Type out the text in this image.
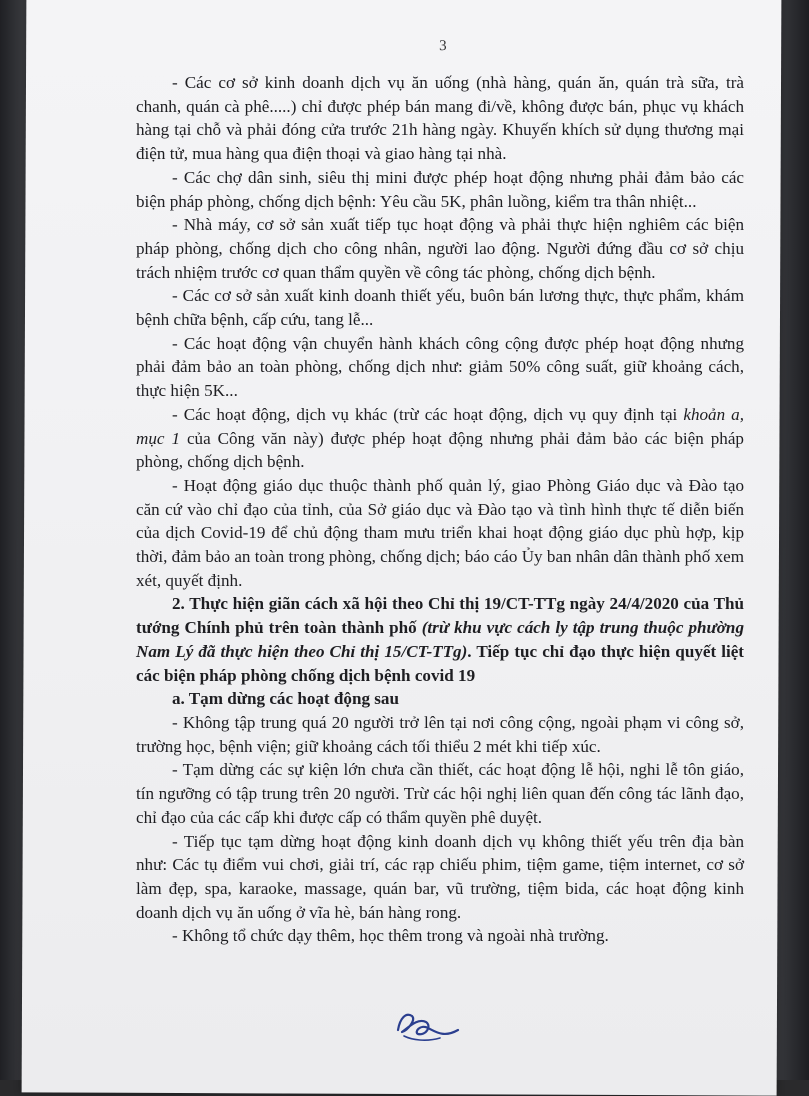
3

- Các cơ sở kinh doanh dịch vụ ăn uống (nhà hàng, quán ăn, quán trà sữa, trà chanh, quán cà phê.....) chỉ được phép bán mang đi/về, không được bán, phục vụ khách hàng tại chỗ và phải đóng cửa trước 21h hàng ngày. Khuyến khích sử dụng thương mại điện tử, mua hàng qua điện thoại và giao hàng tại nhà.

- Các chợ dân sinh, siêu thị mini được phép hoạt động nhưng phải đảm bảo các biện pháp phòng, chống dịch bệnh: Yêu cầu 5K, phân luồng, kiểm tra thân nhiệt...

- Nhà máy, cơ sở sản xuất tiếp tục hoạt động và phải thực hiện nghiêm các biện pháp phòng, chống dịch cho công nhân, người lao động. Người đứng đầu cơ sở chịu trách nhiệm trước cơ quan thẩm quyền về công tác phòng, chống dịch bệnh.

- Các cơ sở sản xuất kinh doanh thiết yếu, buôn bán lương thực, thực phẩm, khám bệnh chữa bệnh, cấp cứu, tang lễ...

- Các hoạt động vận chuyển hành khách công cộng được phép hoạt động nhưng phải đảm bảo an toàn phòng, chống dịch như: giảm 50% công suất, giữ khoảng cách, thực hiện 5K...

- Các hoạt động, dịch vụ khác (trừ các hoạt động, dịch vụ quy định tại khoản a, mục 1 của Công văn này) được phép hoạt động nhưng phải đảm bảo các biện pháp phòng, chống dịch bệnh.

- Hoạt động giáo dục thuộc thành phố quản lý, giao Phòng Giáo dục và Đào tạo căn cứ vào chỉ đạo của tỉnh, của Sở giáo dục và Đào tạo và tình hình thực tế diễn biến của dịch Covid-19 để chủ động tham mưu triển khai hoạt động giáo dục phù hợp, kịp thời, đảm bảo an toàn trong phòng, chống dịch; báo cáo Ủy ban nhân dân thành phố xem xét, quyết định.

2. Thực hiện giãn cách xã hội theo Chỉ thị 19/CT-TTg ngày 24/4/2020 của Thủ tướng Chính phủ trên toàn thành phố (trừ khu vực cách ly tập trung thuộc phường Nam Lý đã thực hiện theo Chỉ thị 15/CT-TTg). Tiếp tục chỉ đạo thực hiện quyết liệt các biện pháp phòng chống dịch bệnh covid 19

a. Tạm dừng các hoạt động sau

- Không tập trung quá 20 người trở lên tại nơi công cộng, ngoài phạm vi công sở, trường học, bệnh viện; giữ khoảng cách tối thiểu 2 mét khi tiếp xúc.

- Tạm dừng các sự kiện lớn chưa cần thiết, các hoạt động lễ hội, nghi lễ tôn giáo, tín ngưỡng có tập trung trên 20 người. Trừ các hội nghị liên quan đến công tác lãnh đạo, chỉ đạo của các cấp khi được cấp có thẩm quyền phê duyệt.

- Tiếp tục tạm dừng hoạt động kinh doanh dịch vụ không thiết yếu trên địa bàn như: Các tụ điểm vui chơi, giải trí, các rạp chiếu phim, tiệm game, tiệm internet, cơ sở làm đẹp, spa, karaoke, massage, quán bar, vũ trường, tiệm bida, các hoạt động kinh doanh dịch vụ ăn uống ở vĩa hè, bán hàng rong.

- Không tổ chức dạy thêm, học thêm trong và ngoài nhà trường.
